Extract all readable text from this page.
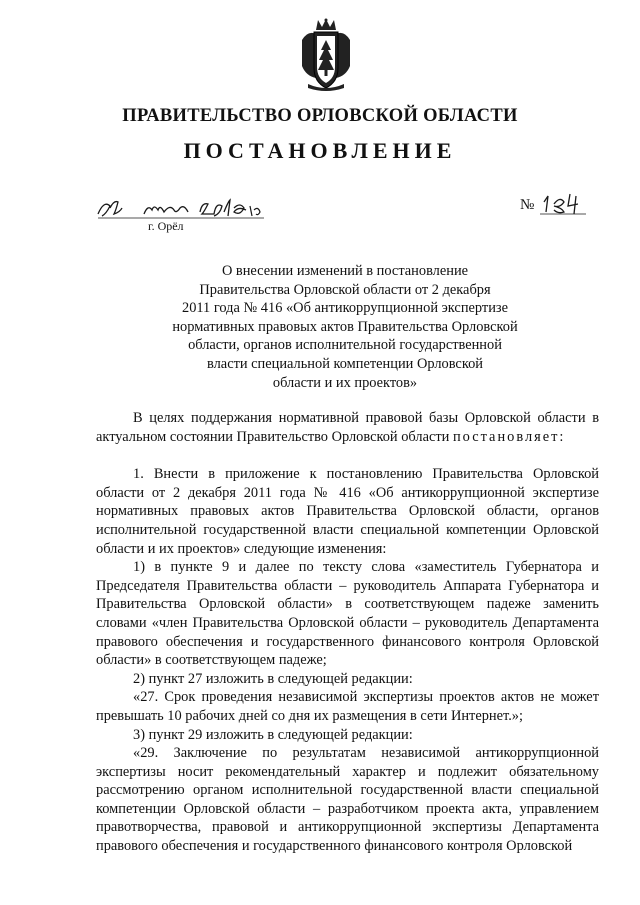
ПРАВИТЕЛЬСТВО ОРЛОВСКОЙ ОБЛАСТИ
ПОСТАНОВЛЕНИЕ
№
г. Орёл
О внесении изменений в постановление
Правительства Орловской области от 2 декабря
2011 года № 416 «Об антикоррупционной экспертизе
нормативных правовых актов Правительства Орловской
области, органов исполнительной государственной
власти специальной компетенции Орловской
области и их проектов»

В целях поддержания нормативной правовой базы Орловской области в актуальном состоянии Правительство Орловской области постановляет:

1. Внести в приложение к постановлению Правительства Орловской области от 2 декабря 2011 года № 416 «Об антикоррупционной экспертизе нормативных правовых актов Правительства Орловской области, органов исполнительной государственной власти специальной компетенции Орловской области и их проектов» следующие изменения:

1) в пункте 9 и далее по тексту слова «заместитель Губернатора и Председателя Правительства области – руководитель Аппарата Губернатора и Правительства Орловской области» в соответствующем падеже заменить словами «член Правительства Орловской области – руководитель Департамента правового обеспечения и государственного финансового контроля Орловской области» в соответствующем падеже;

2) пункт 27 изложить в следующей редакции:

«27. Срок проведения независимой экспертизы проектов актов не может превышать 10 рабочих дней со дня их размещения в сети Интернет.»;

3) пункт 29 изложить в следующей редакции:

«29. Заключение по результатам независимой антикоррупционной экспертизы носит рекомендательный характер и подлежит обязательному рассмотрению органом исполнительной государственной власти специальной компетенции Орловской области – разработчиком проекта акта, управлением правотворчества, правовой и антикоррупционной экспертизы Департамента правового обеспечения и государственного финансового контроля Орловской
